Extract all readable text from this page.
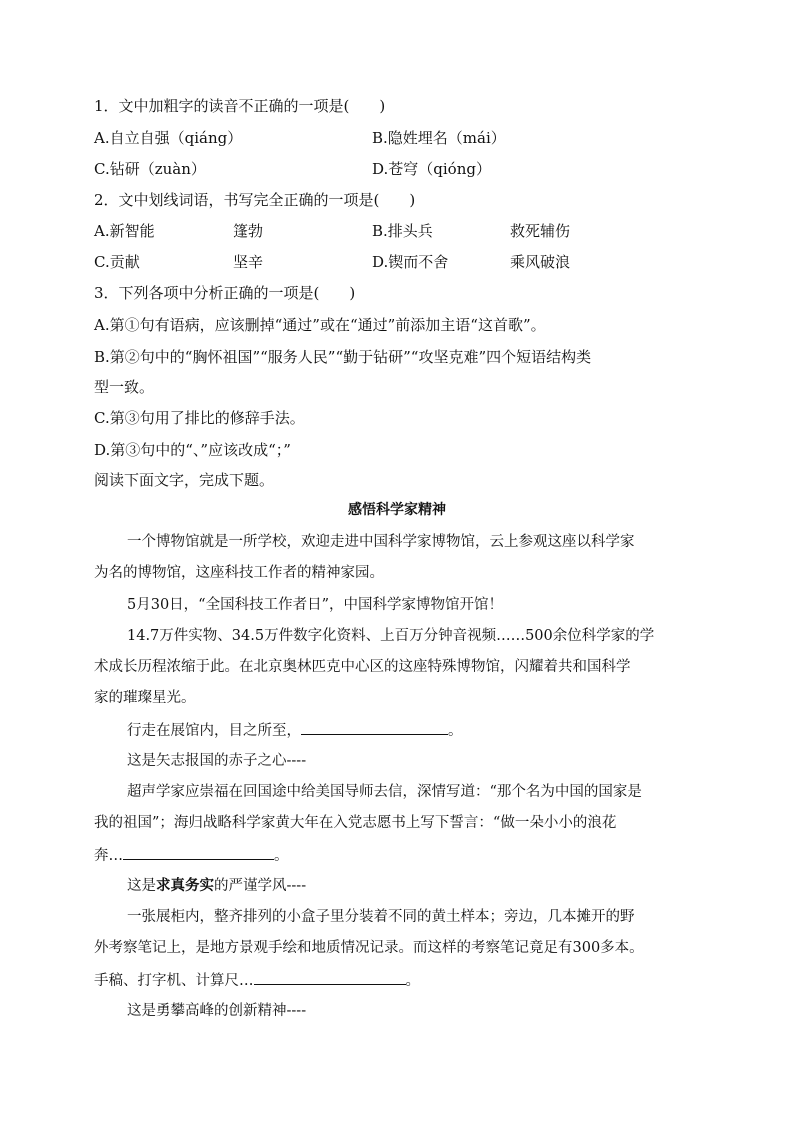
1．文中加粗字的读音不正确的一项是(　　)
A.自立自强（qiáng）	B.隐姓埋名（mái）
C.钻研（zuàn）	D.苍穹（qióng）
2．文中划线词语，书写完全正确的一项是(　　)
A.新智能	篷勃	B.排头兵	救死辅伤
C.贡献	坚辛	D.锲而不舍	乘风破浪
3．下列各项中分析正确的一项是(　　)
A.第①句有语病，应该删掉“通过”或在“通过”前添加主语“这首歌”。
B.第②句中的“胸怀祖国”“服务人民”“勤于钻研”“攻坚克难”四个短语结构类
型一致。
C.第③句用了排比的修辞手法。
D.第③句中的“、”应该改成“；”
阅读下面文字，完成下题。
感悟科学家精神
一个博物馆就是一所学校，欢迎走进中国科学家博物馆，云上参观这座以科学家
为名的博物馆，这座科技工作者的精神家园。
5月30日，“全国科技工作者日”，中国科学家博物馆开馆！
14.7万件实物、34.5万件数字化资料、上百万分钟音视频……500余位科学家的学
术成长历程浓缩于此。在北京奥林匹克中心区的这座特殊博物馆，闪耀着共和国科学
家的璀璨星光。
行走在展馆内，目之所至，	。
这是矢志报国的赤子之心----
超声学家应崇福在回国途中给美国导师去信，深情写道：“那个名为中国的国家是
我的祖国”；海归战略科学家黄大年在入党志愿书上写下誓言：“做一朵小小的浪花
奔…	。
这是求真务实的严谨学风----
一张展柜内，整齐排列的小盒子里分装着不同的黄土样本；旁边，几本摊开的野
外考察笔记上，是地方景观手绘和地质情况记录。而这样的考察笔记竟足有300多本。
手稿、打字机、计算尺…	。
这是勇攀高峰的创新精神----
